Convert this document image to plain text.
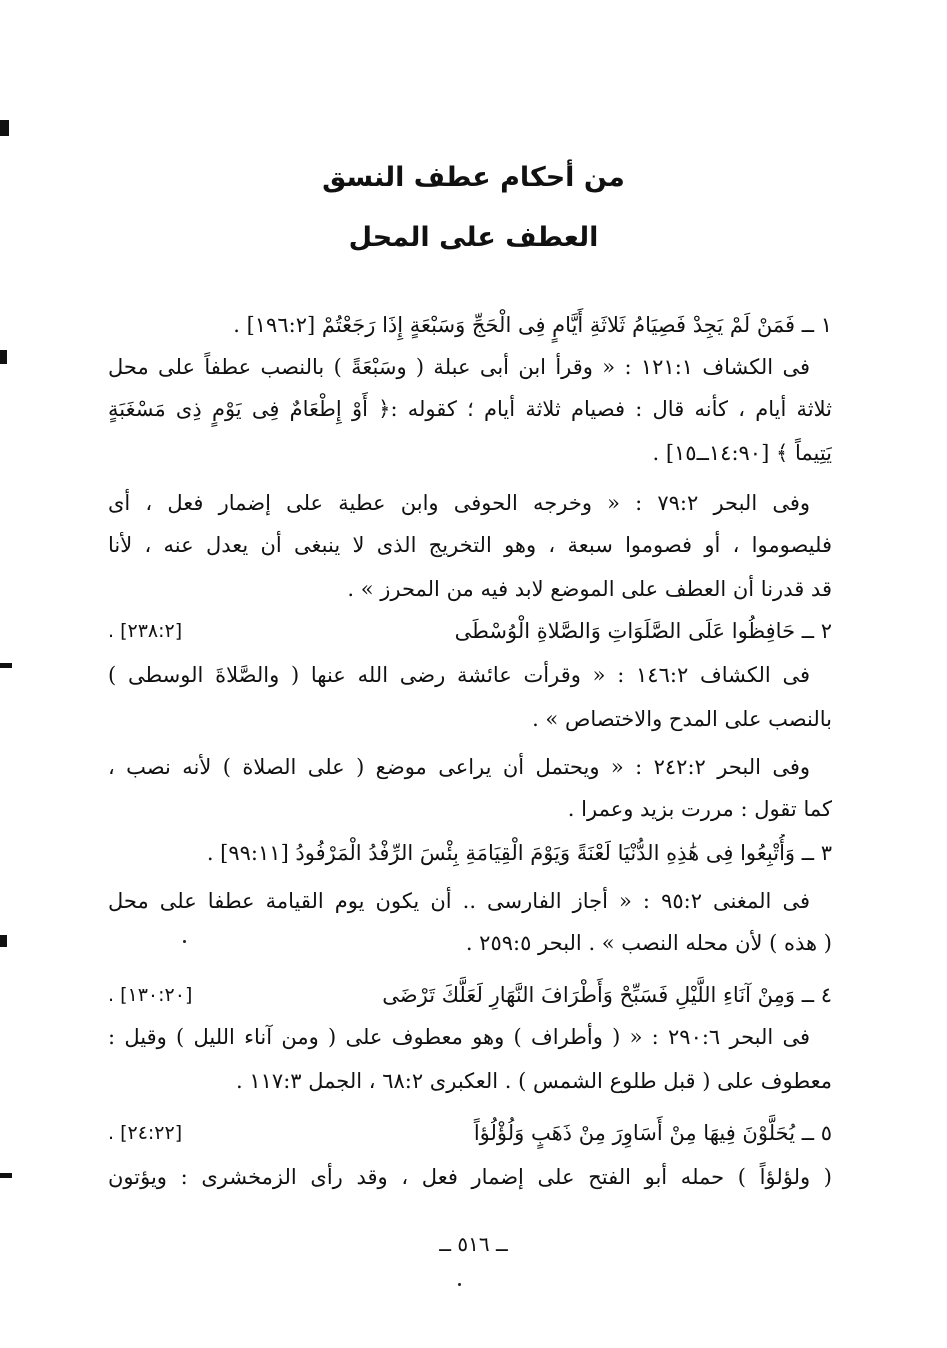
من أحكام عطف النسق
العطف على المحل
١ ــ فَمَنْ لَمْ يَجِدْ فَصِيَامُ ثَلاثَةِ أَيَّامٍ فِى الْحَجِّ وَسَبْعَةٍ إِذَا رَجَعْتُمْ [١٩٦:٢] .
فى الكشاف ١٢١:١ : « وقرأ ابن أبى عبلة ( وسَبْعَةً ) بالنصب عطفاً على محل
ثلاثة أيام ، كأنه قال : فصيام ثلاثة أيام ؛ كقوله :﴿ أَوْ إِطْعَامٌ فِى يَوْمٍ ذِى مَسْغَبَةٍ
يَتِيماً ﴾ [١٤:٩٠ــ١٥] .
وفى البحر ٧٩:٢ : « وخرجه الحوفى وابن عطية على إضمار فعل ، أى
فليصوموا ، أو فصوموا سبعة ، وهو التخريج الذى لا ينبغى أن يعدل عنه ، لأنا
قد قدرنا أن العطف على الموضع لابد فيه من المحرز » .
٢ ــ حَافِظُوا عَلَى الصَّلَوَاتِ وَالصَّلاةِ الْوُسْطَى
[٢٣٨:٢] .
فى الكشاف ١٤٦:٢ : « وقرأت عائشة رضى الله عنها ( والصَّلاةَ الوسطى )
بالنصب على المدح والاختصاص » .
وفى البحر ٢٤٢:٢ : « ويحتمل أن يراعى موضع ( على الصلاة ) لأنه نصب ،
كما تقول : مررت بزيد وعمرا .
٣ ــ وَأُتْبِعُوا فِى هَٰذِهِ الدُّنْيَا لَعْنَةً وَيَوْمَ الْقِيَامَةِ بِئْسَ الرِّفْدُ الْمَرْفُودُ [٩٩:١١] .
فى المغنى ٩٥:٢ : « أجاز الفارسى .. أن يكون يوم القيامة عطفا على محل
( هذه ) لأن محله النصب » . البحر ٢٥٩:٥ .
٤ ــ وَمِنْ آنَاءِ اللَّيْلِ فَسَبِّحْ وَأَطْرَافَ النَّهَارِ لَعَلَّكَ تَرْضَى
[١٣٠:٢٠] .
فى البحر ٢٩٠:٦ : « ( وأطراف ) وهو معطوف على ( ومن آناء الليل ) وقيل :
معطوف على ( قبل طلوع الشمس ) . العكبرى ٦٨:٢ ، الجمل ١١٧:٣ .
٥ ــ يُحَلَّوْنَ فِيهَا مِنْ أَسَاوِرَ مِنْ ذَهَبٍ وَلُؤْلُؤاً
[٢٤:٢٢] .
( ولؤلؤاً ) حمله أبو الفتح على إضمار فعل ، وقد رأى الزمخشرى : ويؤتون
ــ ٥١٦ ــ
